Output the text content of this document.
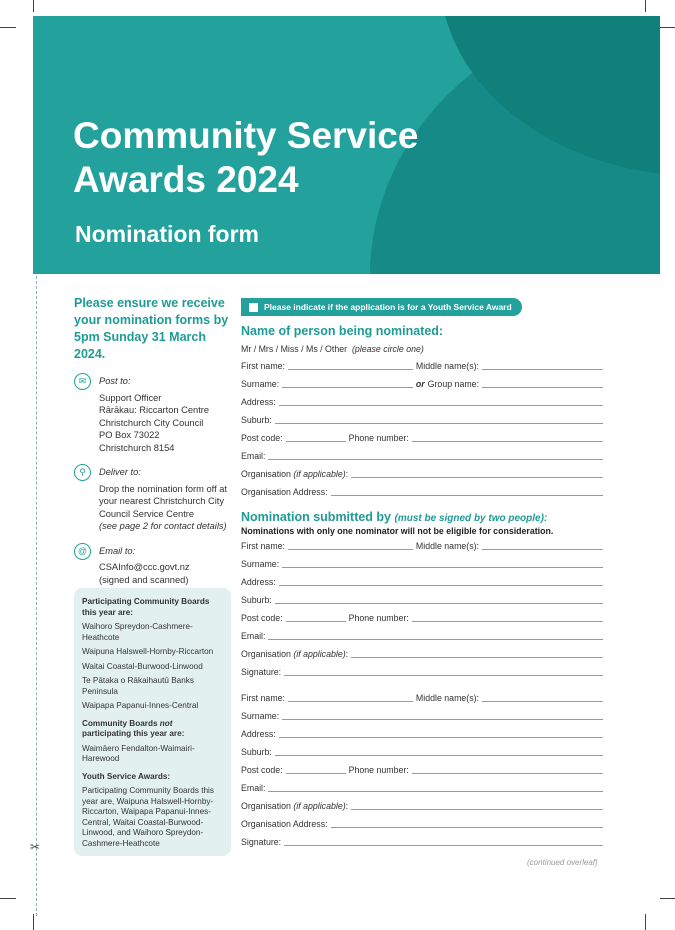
Community Service
Awards 2024
Nomination form
✂
Please ensure we receive your nomination forms by 5pm Sunday 31 March 2024.
✉	Post to:
Support Officer
Rārākau: Riccarton Centre
Christchurch City Council
PO Box 73022
Christchurch 8154
⚲	Deliver to:
Drop the nomination form off at your nearest Christchurch City Council Service Centre
(see page 2 for contact details)
@	Email to:
CSAInfo@ccc.govt.nz
(signed and scanned)
Participating Community Boards this year are:
Waihoro Spreydon-Cashmere-Heathcote
Waipuna Halswell-Hornby-Riccarton
Waitai Coastal-Burwood-Linwood
Te Pātaka o Rākaihautū Banks Peninsula
Waipapa Papanui-Innes-Central
Community Boards not participating this year are:
Waimāero Fendalton-Waimairi-Harewood
Youth Service Awards:
Participating Community Boards this year are, Waipuna Halswell-Hornby-Riccarton, Waipapa Papanui-Innes-Central, Waitai Coastal-Burwood-Linwood, and Waihoro Spreydon-Cashmere-Heathcote
Please indicate if the application is for a Youth Service Award
Name of person being nominated:
Mr / Mrs / Miss / Ms / Other (please circle one)
First name:	Middle name(s):
Surname:	or Group name:
Address:
Suburb:
Post code:	Phone number:
Email:
Organisation (if applicable):
Organisation Address:
Nomination submitted by (must be signed by two people):
Nominations with only one nominator will not be eligible for consideration.
First name:	Middle name(s):
Surname:
Address:
Suburb:
Post code:	Phone number:
Email:
Organisation (if applicable):
Signature:
First name:	Middle name(s):
Surname:
Address:
Suburb:
Post code:	Phone number:
Email:
Organisation (if applicable):
Organisation Address:
Signature:
(continued overleaf)
